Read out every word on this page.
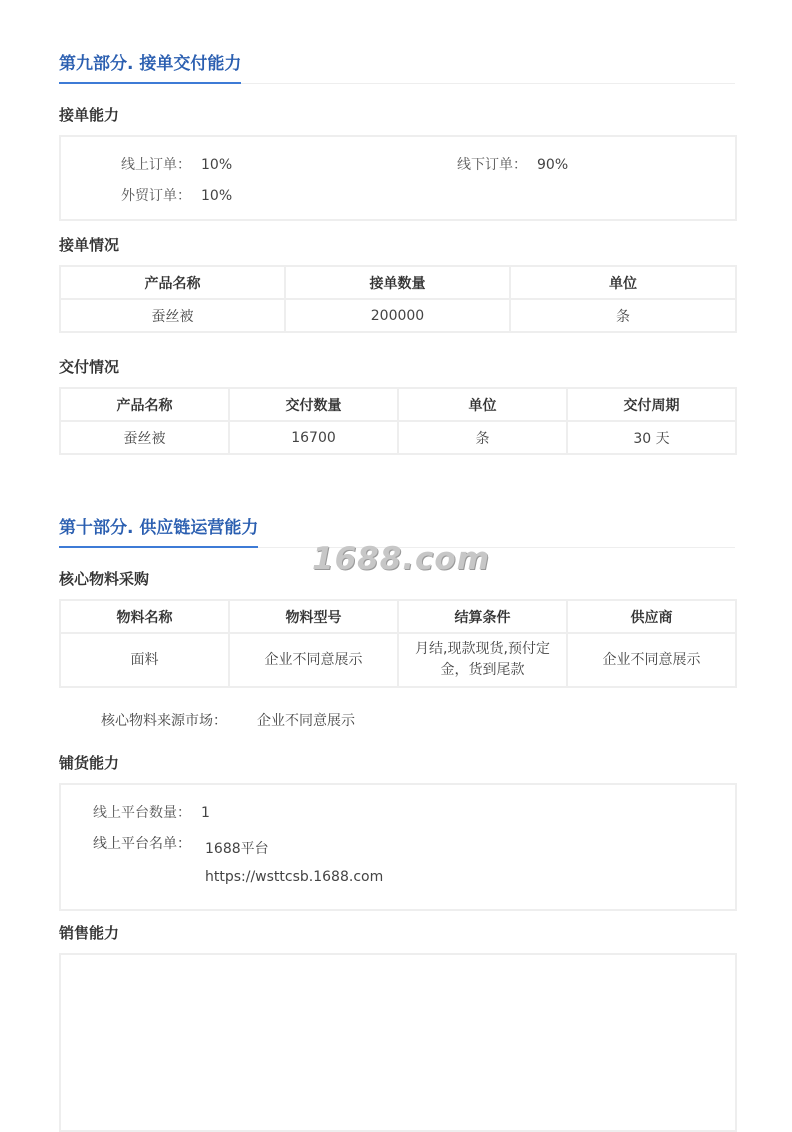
第九部分. 接单交付能力
接单能力
线上订单： 10%	线下订单： 90%
外贸订单： 10%
接单情况
产品名称	接单数量	单位
蚕丝被	200000	条
交付情况
产品名称	交付数量	单位	交付周期
蚕丝被	16700	条	30 天
第十部分. 供应链运营能力
1688.com
核心物料采购
物料名称	物料型号	结算条件	供应商
面料	企业不同意展示	月结,现款现货,预付定金，货到尾款	企业不同意展示
核心物料来源市场： 企业不同意展示
铺货能力
线上平台数量： 1
线上平台名单： 1688平台
https://wsttcsb.1688.com
销售能力
